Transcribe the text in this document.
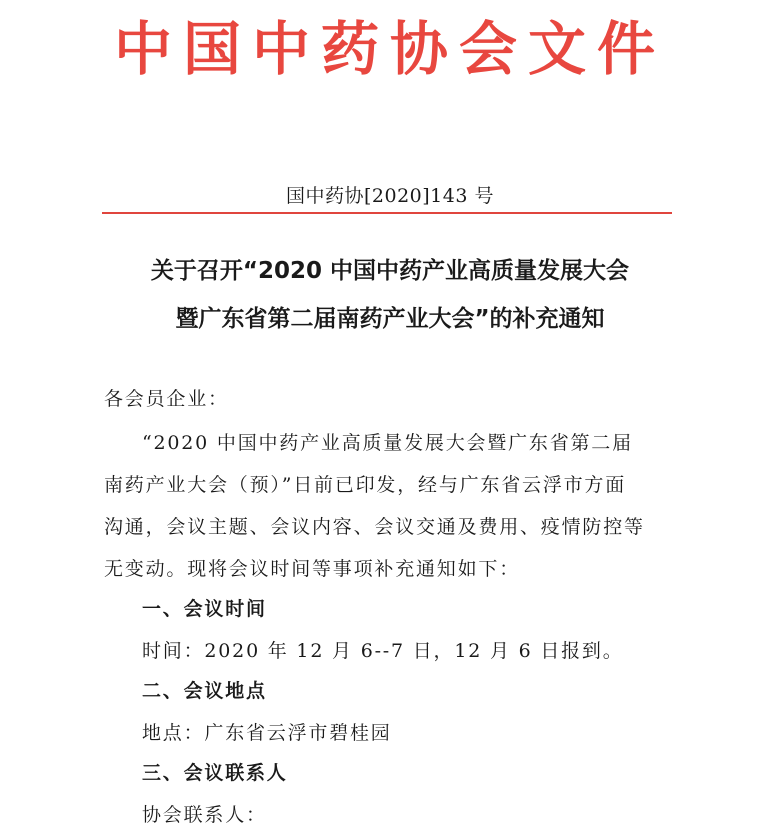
中国中药协会文件
国中药协[2020]143 号
关于召开“2020 中国中药产业高质量发展大会
暨广东省第二届南药产业大会”的补充通知
各会员企业：
“2020 中国中药产业高质量发展大会暨广东省第二届
南药产业大会（预）”日前已印发，经与广东省云浮市方面
沟通，会议主题、会议内容、会议交通及费用、疫情防控等
无变动。现将会议时间等事项补充通知如下：
一、会议时间
时间：2020 年 12 月 6--7 日，12 月 6 日报到。
二、会议地点
地点：广东省云浮市碧桂园
三、会议联系人
协会联系人：
